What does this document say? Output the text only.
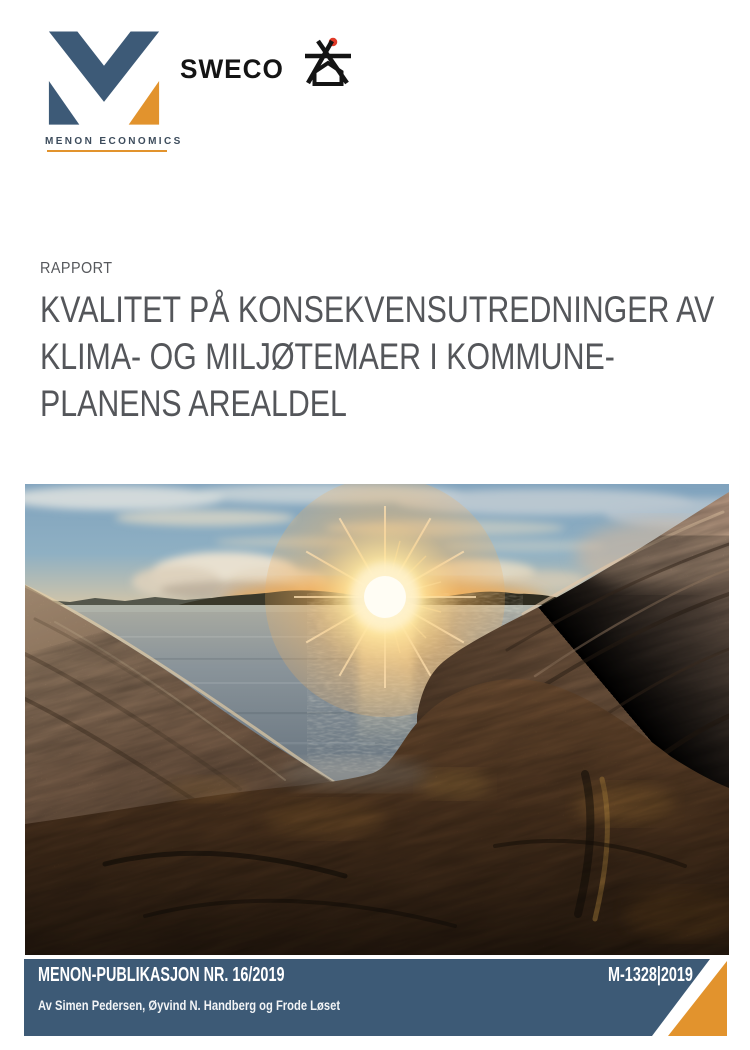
MENON ECONOMICS
SWECO
RAPPORT
KVALITET PÅ KONSEKVENSUTREDNINGER AV
KLIMA- OG MILJØTEMAER I KOMMUNE-
PLANENS AREALDEL
MENON-PUBLIKASJON NR. 16/2019
Av Simen Pedersen, Øyvind N. Handberg og Frode Løset
M-1328|2019
